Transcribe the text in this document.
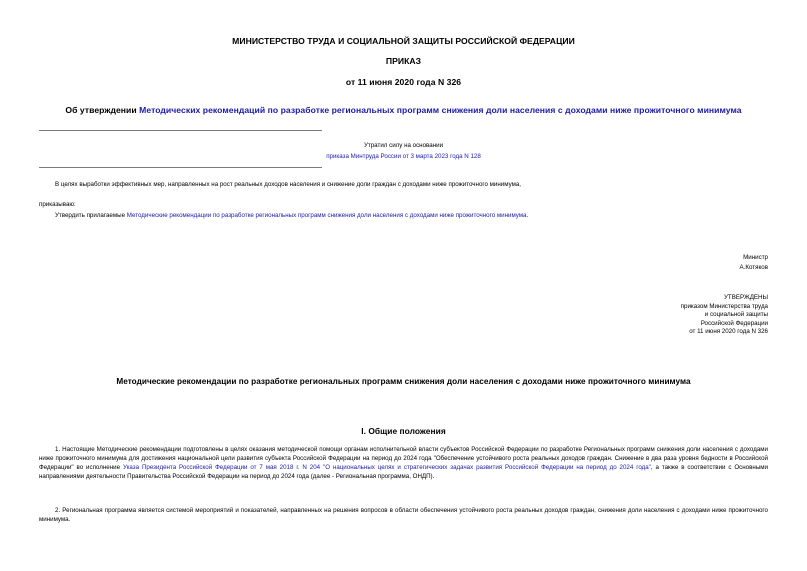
МИНИСТЕРСТВО ТРУДА И СОЦИАЛЬНОЙ ЗАЩИТЫ РОССИЙСКОЙ ФЕДЕРАЦИИ
ПРИКАЗ
от 11 июня 2020 года N 326
Об утверждении Методических рекомендаций по разработке региональных программ снижения доли населения с доходами ниже прожиточного минимума
Утратил силу на основании
приказа Минтруда России от 3 марта 2023 года N 128
В целях выработки эффективных мер, направленных на рост реальных доходов населения и снижение доли граждан с доходами ниже прожиточного минимума,
приказываю:
Утвердить прилагаемые Методические рекомендации по разработке региональных программ снижения доли населения с доходами ниже прожиточного минимума.
Министр
А.Котяков
УТВЕРЖДЕНЫ
приказом Министерства труда
и социальной защиты
Российской Федерации
от 11 июня 2020 года N 326
Методические рекомендации по разработке региональных программ снижения доли населения с доходами ниже прожиточного минимума
I. Общие положения
1. Настоящие Методические рекомендации подготовлены в целях оказания методической помощи органам исполнительной власти субъектов Российской Федерации по разработке Региональных программ снижения доли населения с доходами ниже прожиточного минимума для достижения национальной цели развития субъекта Российской Федерации на период до 2024 года "Обеспечение устойчивого роста реальных доходов граждан. Снижение в два раза уровня бедности в Российской Федерации" во исполнение Указа Президента Российской Федерации от 7 мая 2018 г. N 204 "О национальных целях и стратегических задачах развития Российской Федерации на период до 2024 года", а также в соответствии с Основными направлениями деятельности Правительства Российской Федерации на период до 2024 года (далее - Региональная программа, ОНДП).
2. Региональная программа является системой мероприятий и показателей, направленных на решения вопросов в области обеспечения устойчивого роста реальных доходов граждан, снижения доли населения с доходами ниже прожиточного минимума.
